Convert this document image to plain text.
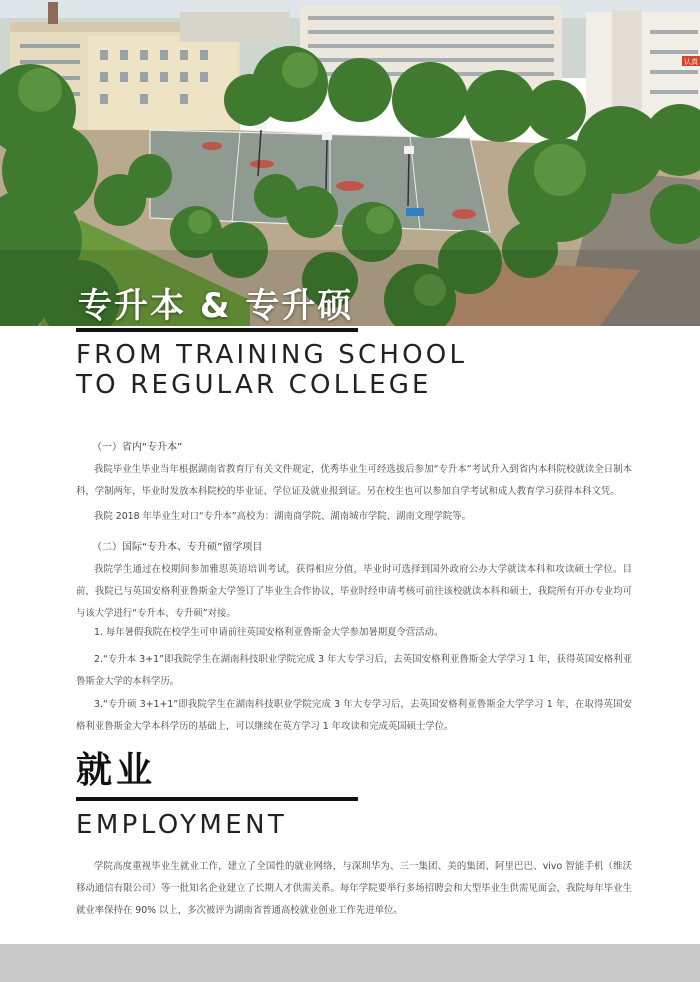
认真
专升本 & 专升硕
FROM TRAINING SCHOOL
TO REGULAR COLLEGE
（一）省内“专升本”

我院毕业生毕业当年根据湖南省教育厅有关文件规定，优秀毕业生可经选拔后参加“专升本”考试升入到省内本科院校就读全日制本科，学制两年，毕业时发放本科院校的毕业证、学位证及就业报到证。另在校生也可以参加自学考试和成人教育学习获得本科文凭。

我院 2018 年毕业生对口“专升本”高校为：湖南商学院、湖南城市学院、湖南文理学院等。

（二）国际“专升本、专升硕”留学项目

我院学生通过在校期间参加雅思英语培训考试，获得相应分值，毕业时可选择到国外政府公办大学就读本科和攻读硕士学位。目前，我院已与英国安格利亚鲁斯金大学签订了毕业生合作协议，毕业时经申请考核可前往该校就读本科和硕士，我院所有开办专业均可与该大学进行“专升本、专升硕”对接。

1. 每年暑假我院在校学生可申请前往英国安格利亚鲁斯金大学参加暑期夏令营活动。

2.“专升本 3+1”即我院学生在湖南科技职业学院完成 3 年大专学习后，去英国安格利亚鲁斯金大学学习 1 年，获得英国安格利亚鲁斯金大学的本科学历。

3.“专升硕 3+1+1”即我院学生在湖南科技职业学院完成 3 年大专学习后，去英国安格利亚鲁斯金大学学习 1 年，在取得英国安格利亚鲁斯金大学本科学历的基础上，可以继续在英方学习 1 年攻读和完成英国硕士学位。

就业
EMPLOYMENT

学院高度重视毕业生就业工作，建立了全国性的就业网络，与深圳华为、三一集团、美的集团、阿里巴巴、vivo 智能手机（维沃移动通信有限公司）等一批知名企业建立了长期人才供需关系。每年学院要举行多场招聘会和大型毕业生供需见面会，我院每年毕业生就业率保持在 90% 以上，多次被评为湖南省普通高校就业创业工作先进单位。
